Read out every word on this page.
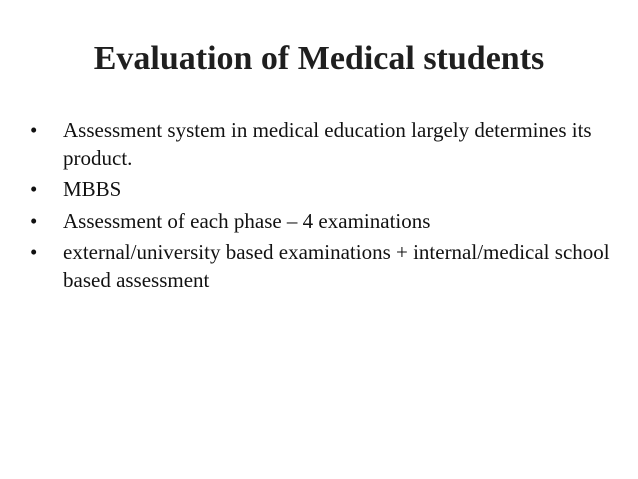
Evaluation of Medical students
•	Assessment system in medical education largely determines its product.
•	MBBS
•	Assessment of each phase – 4 examinations
•	external/university based examinations + internal/medical school based assessment
